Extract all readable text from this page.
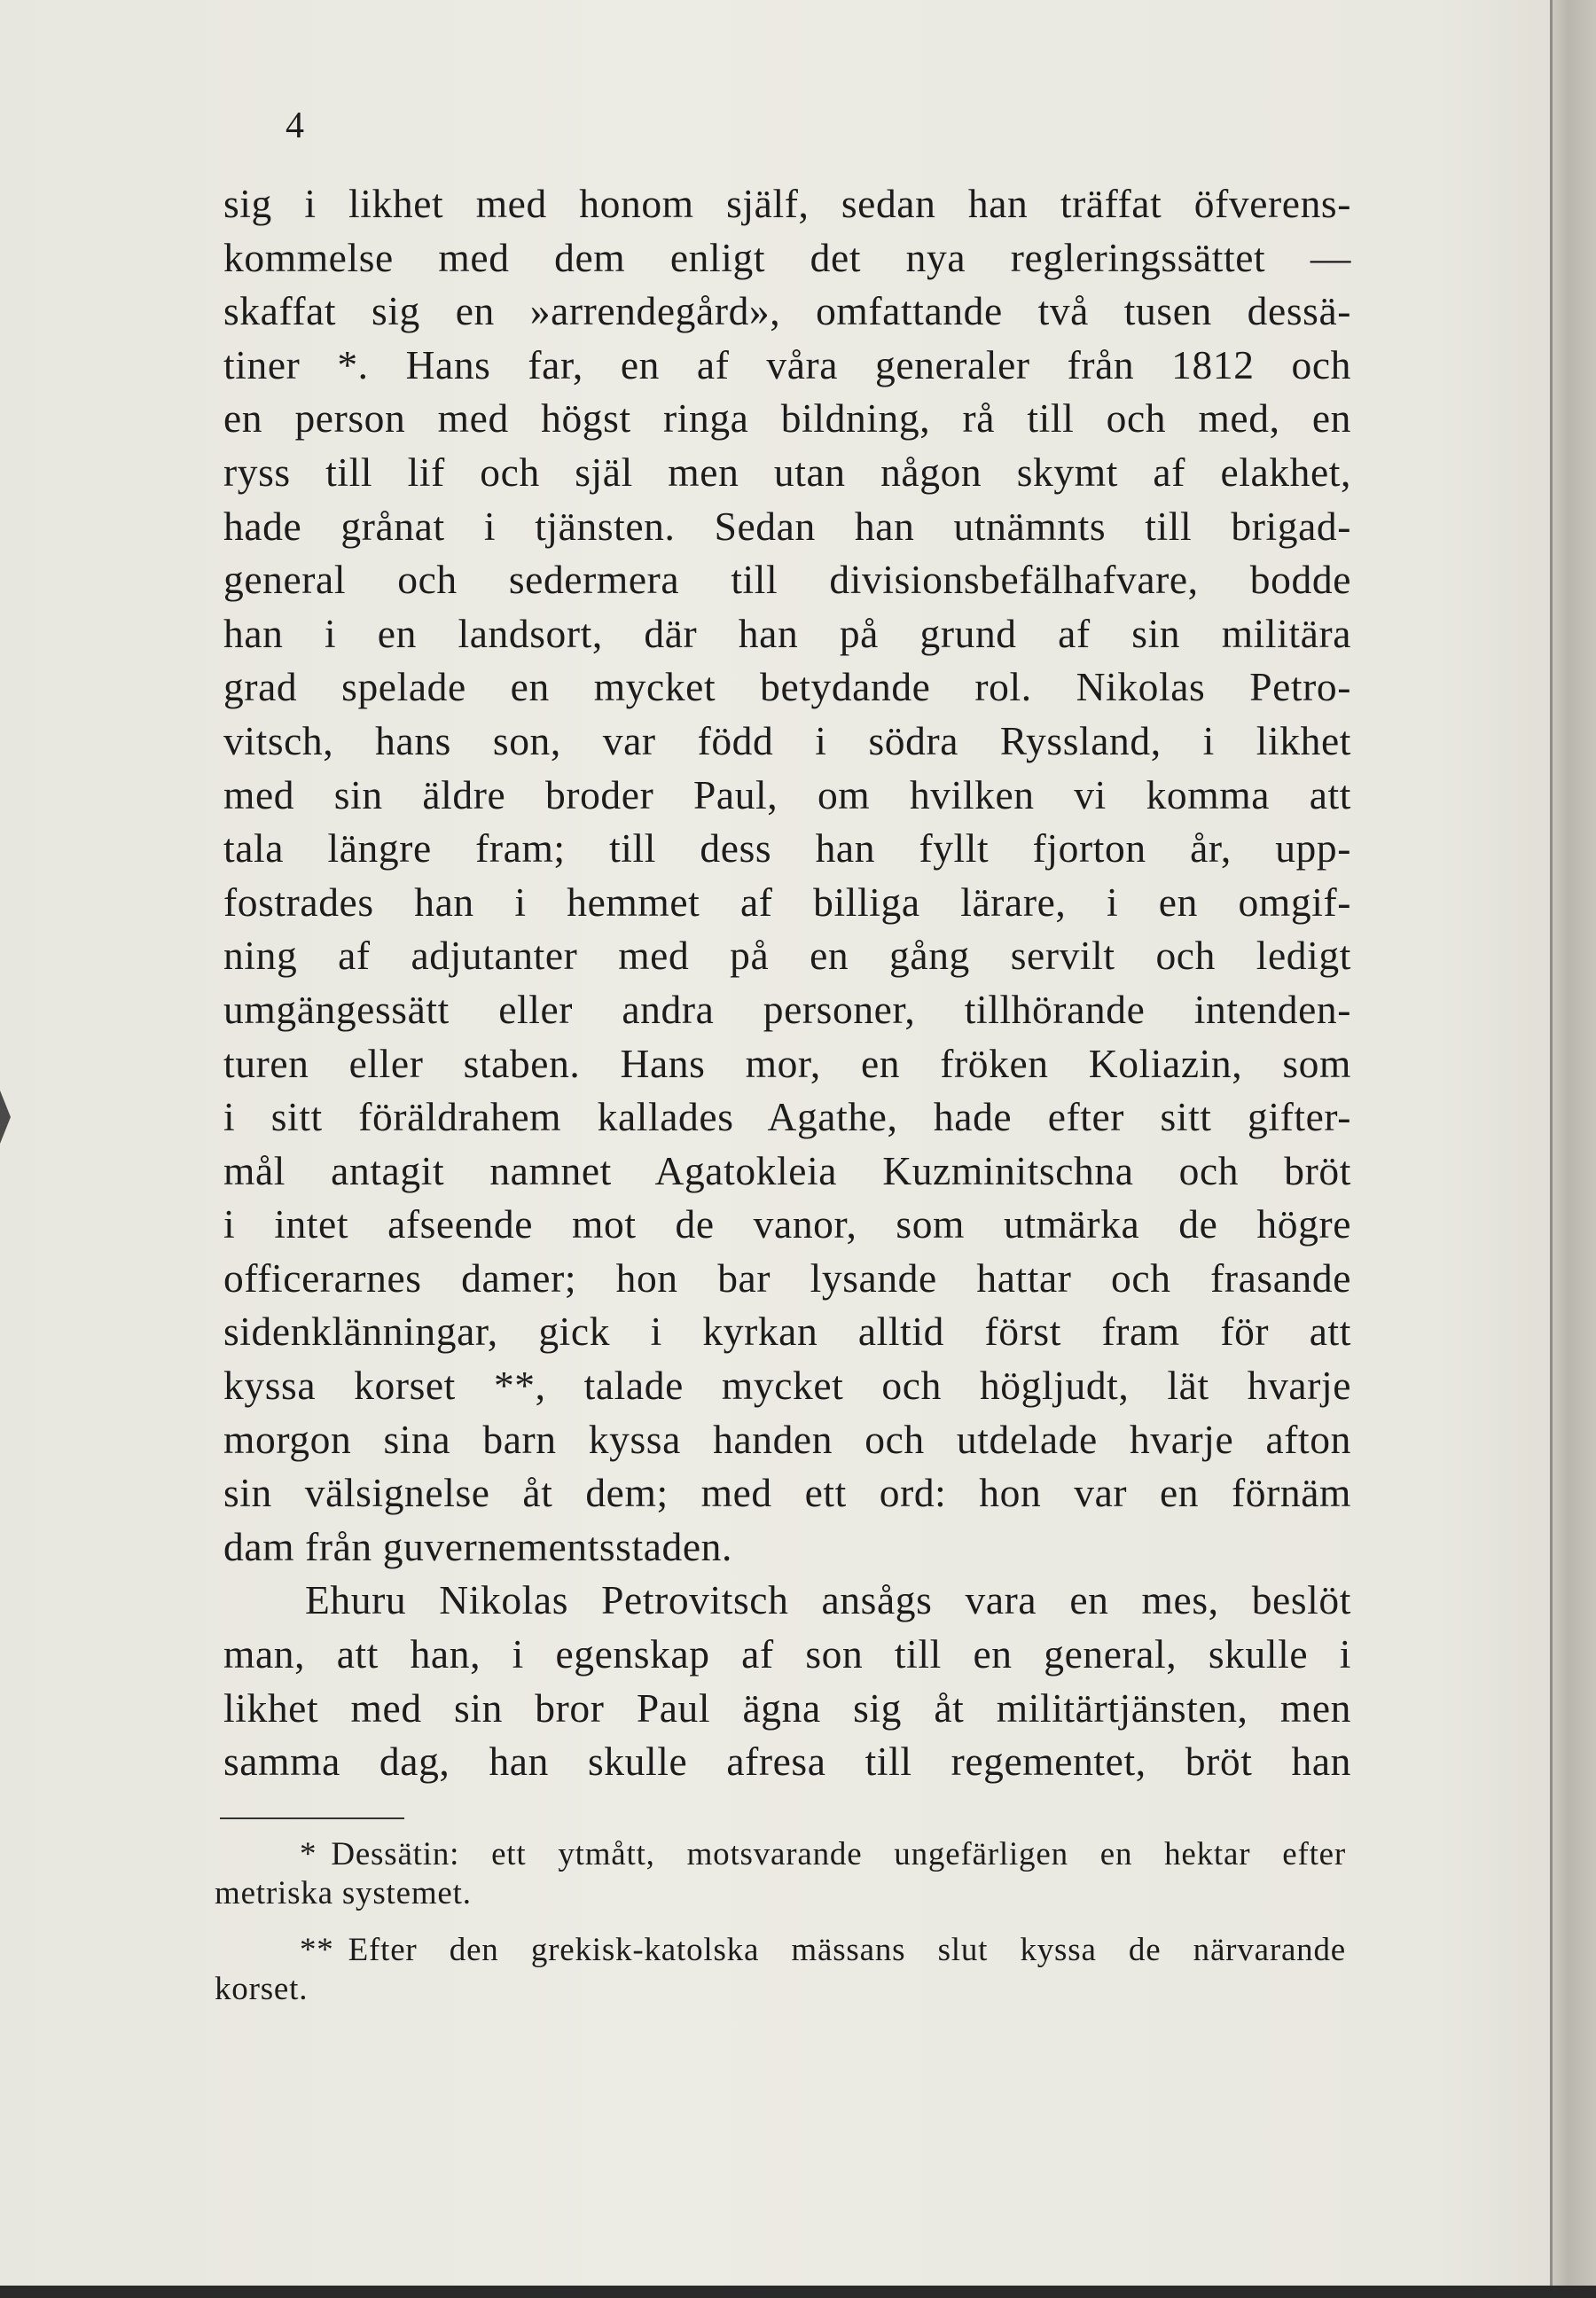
4
sig i likhet med honom själf, sedan han träffat öfverens-
kommelse med dem enligt det nya regleringssättet —
skaffat sig en »arrendegård», omfattande två tusen dessä-
tiner *. Hans far, en af våra generaler från 1812 och
en person med högst ringa bildning, rå till och med, en
ryss till lif och själ men utan någon skymt af elakhet,
hade grånat i tjänsten. Sedan han utnämnts till brigad-
general och sedermera till divisionsbefälhafvare, bodde
han i en landsort, där han på grund af sin militära
grad spelade en mycket betydande rol. Nikolas Petro-
vitsch, hans son, var född i södra Ryssland, i likhet
med sin äldre broder Paul, om hvilken vi komma att
tala längre fram; till dess han fyllt fjorton år, upp-
fostrades han i hemmet af billiga lärare, i en omgif-
ning af adjutanter med på en gång servilt och ledigt
umgängessätt eller andra personer, tillhörande intenden-
turen eller staben. Hans mor, en fröken Koliazin, som
i sitt föräldrahem kallades Agathe, hade efter sitt gifter-
mål antagit namnet Agatokleia Kuzminitschna och bröt
i intet afseende mot de vanor, som utmärka de högre
officerarnes damer; hon bar lysande hattar och frasande
sidenklänningar, gick i kyrkan alltid först fram för att
kyssa korset **, talade mycket och högljudt, lät hvarje
morgon sina barn kyssa handen och utdelade hvarje afton
sin välsignelse åt dem; med ett ord: hon var en förnäm
dam från guvernementsstaden.
Ehuru Nikolas Petrovitsch ansågs vara en mes, beslöt
man, att han, i egenskap af son till en general, skulle i
likhet med sin bror Paul ägna sig åt militärtjänsten, men
samma dag, han skulle afresa till regementet, bröt han
* Dessätin: ett ytmått, motsvarande ungefärligen en hektar efter
metriska systemet.
** Efter den grekisk-katolska mässans slut kyssa de närvarande
korset.
